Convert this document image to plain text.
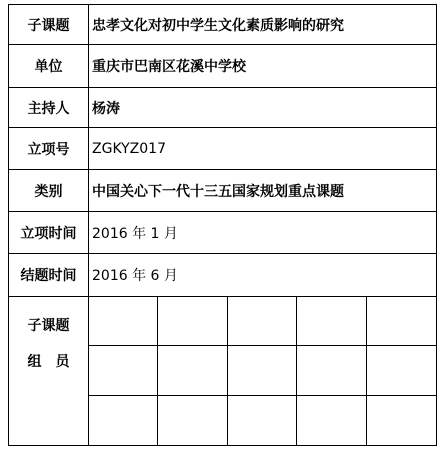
子课题	忠孝文化对初中学生文化素质影响的研究
单位	重庆市巴南区花溪中学校
主持人	杨涛
立项号	ZGKYZ017
类别	中国关心下一代十三五国家规划重点课题
立项时间	2016 年 1 月
结题时间	2016 年 6 月
子课题
组员
